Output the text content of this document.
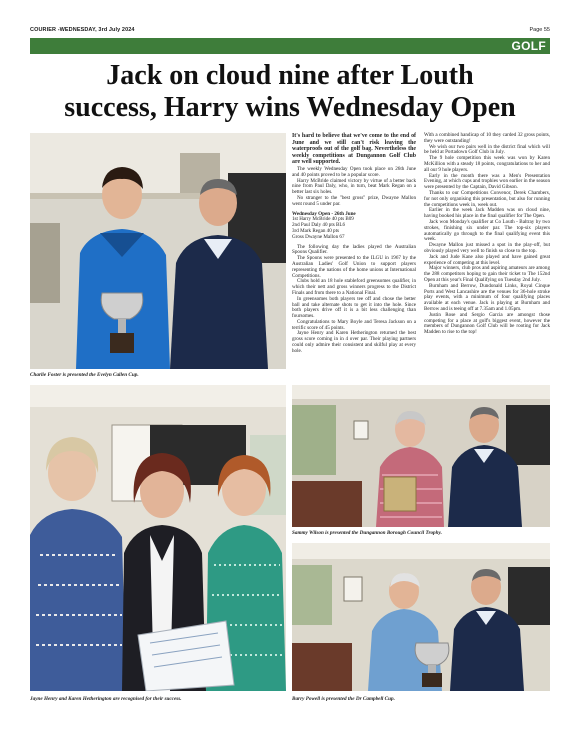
COURIER -WEDNESDAY, 3rd July 2024	Page 55
GOLF
Jack on cloud nine after Louth
success, Harry wins Wednesday Open
Charlie Foster is presented the Evelyn Callen Cup.
Jayne Henry and Karen Hetherington are recognised for their success.
Sammy Wilson is presented the Dungannon Borough Council Trophy.
Barry Powell is presented the Dr Campbell Cup.

It's hard to believe that we've come to the end of June and we still can't risk leaving the waterproofs out of the golf bag. Nevertheless the weekly competitions at Dungannon Golf Club are well supported.

The weekly Wednesday Open took place on 26th June and 40 points proved to be a popular score.

Harry McBride claimed victory by virtue of a better back nine from Paul Daly, who, in turn, beat Mark Regan on a better last six holes.

No stranger to the "best gross" prize, Dwayne Mallon went round 5 under par.

Wednesday Open - 26th June
1st Harry McBride 40 pts B09
2nd Paul Daly 40 pts BL6
3rd Mark Regan 40 pts
Gross Dwayne Mallon 67

The following day the ladies played the Australian Spoons Qualifier.

The Spoons were presented to the ILGU in 1967 by the Australian Ladies' Golf Union to support players representing the nations of the home unions at International Competitions.

Clubs hold an 18 hole stableford greensomes qualifier, in which their nett and gross winners progress to the District Finals and from there to a National Final.

In greensomes both players tee off and chose the better ball and take alternate shots to get it into the hole. Since both players drive off it is a bit less challenging than foursomes.

Congratulations to Mary Boyle and Teresa Jackson on a terrific score of 45 points.

Jayne Henry and Karen Hetherington returned the best gross score coming in in 4 over par. Their playing partners could only admire their consistent and skilful play at every hole.

With a combined handicap of 10 they carded 32 gross points, they were outstanding!

We wish our two pairs well in the district final which will be held at Portadown Golf Club in July.

The 9 hole competition this week was won by Karen McKillion with a steady 18 points, congratulations to her and all our 9 hole players.

Early in the month there was a Men's Presentation Evening, at which cups and trophies won earlier in the season were presented by the Captain, David Gibson.

Thanks to our Competitions Convenor, Derek Chambers, for not only organising this presentation, but also for running the competitions week in, week out.

Earlier in the week Jack Madden was on cloud nine, having booked his place in the final qualifier for The Open.

Jack won Monday's qualifier at Co Louth - Baltray by two strokes, finishing six under par. The top-six players automatically go through to the final qualifying event this week.

Dwayne Mallon just missed a spot in the play-off, but obviously played very well to finish so close to the top.

Jack and Jude Kane also played and have gained great experience of competing at this level.

Major winners, club pros and aspiring amateurs are among the 288 competitors hoping to gain their ticket to The 152nd Open at this year's Final Qualifying on Tuesday 2nd July.

Burnham and Berrow, Dundonald Links, Royal Cinque Ports and West Lancashire are the venues for 36-hole stroke play events, with a minimum of four qualifying places available at each venue. Jack is playing at Burnham and Berrow and is teeing off at 7.35am and 1.05pm.

Justin Rose and Sergio Garcia are amongst those competing for a place at golf's biggest event, however the members of Dungannon Golf Club will be rooting for Jack Madden to rise to the top!
